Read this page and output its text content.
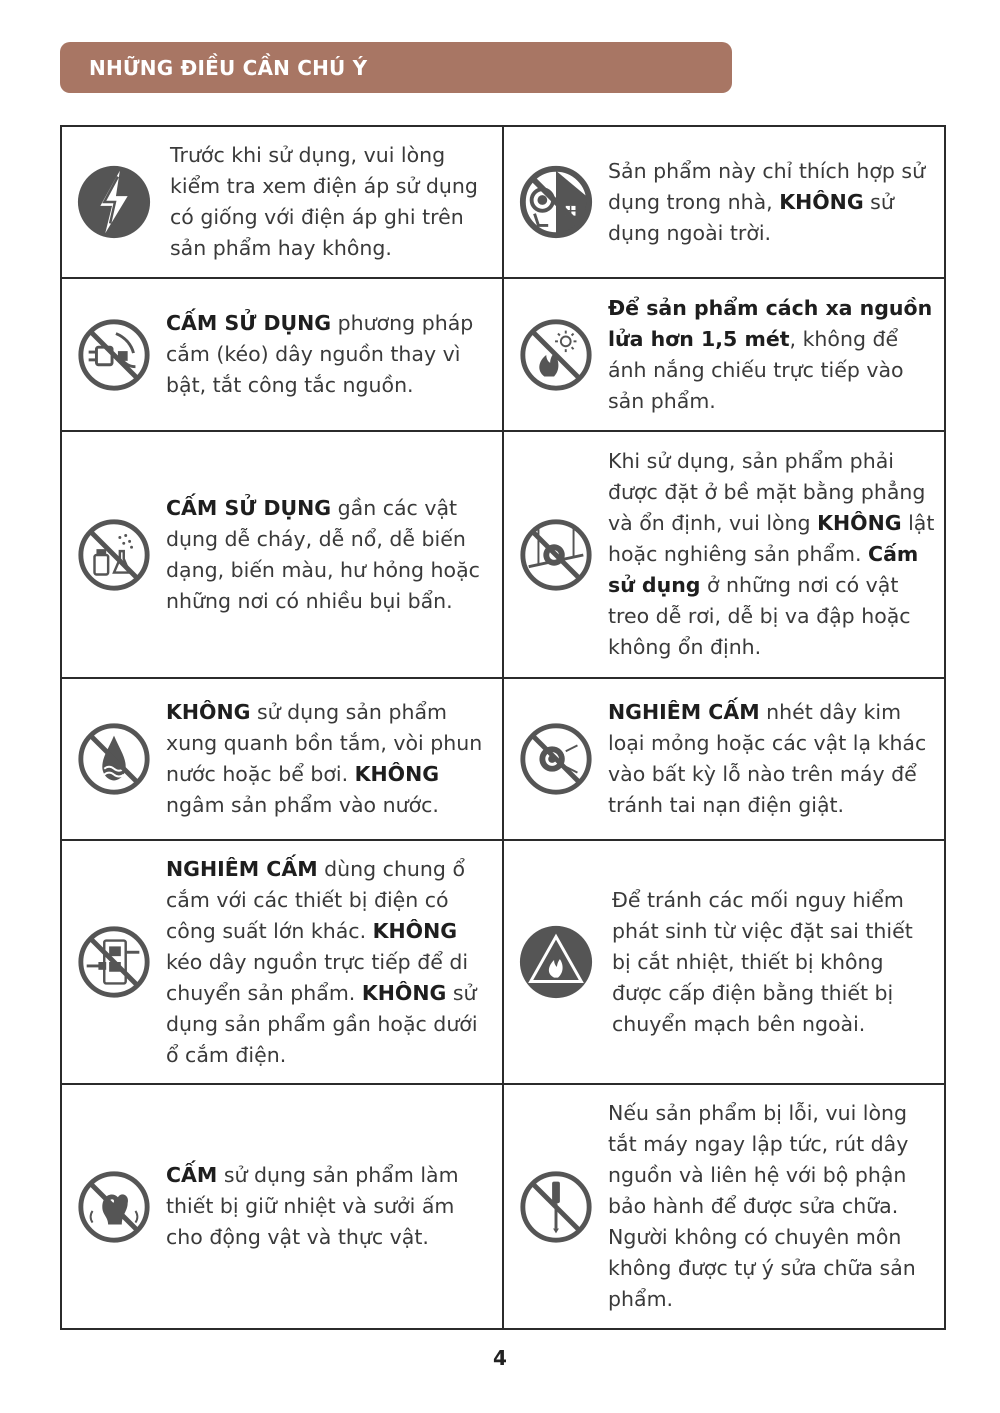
NHỮNG ĐIỀU CẦN CHÚ Ý
Trước khi sử dụng, vui lòng kiểm tra xem điện áp sử dụng có giống với điện áp ghi trên sản phẩm hay không.	Sản phẩm này chỉ thích hợp sử dụng trong nhà, KHÔNG sử dụng ngoài trời.

CẤM SỬ DỤNG phương pháp cắm (kéo) dây nguồn thay vì bật, tắt công tắc nguồn.	Để sản phẩm cách xa nguồn lửa hơn 1,5 mét, không để ánh nắng chiếu trực tiếp vào sản phẩm.

CẤM SỬ DỤNG gần các vật dụng dễ cháy, dễ nổ, dễ biến dạng, biến màu, hư hỏng hoặc những nơi có nhiều bụi bẩn.	Khi sử dụng, sản phẩm phải được đặt ở bề mặt bằng phẳng và ổn định, vui lòng KHÔNG lật hoặc nghiêng sản phẩm. Cấm sử dụng ở những nơi có vật treo dễ rơi, dễ bị va đập hoặc không ổn định.

KHÔNG sử dụng sản phẩm xung quanh bồn tắm, vòi phun nước hoặc bể bơi. KHÔNG ngâm sản phẩm vào nước.	NGHIÊM CẤM nhét dây kim loại mỏng hoặc các vật lạ khác vào bất kỳ lỗ nào trên máy để tránh tai nạn điện giật.

NGHIÊM CẤM dùng chung ổ cắm với các thiết bị điện có công suất lớn khác. KHÔNG kéo dây nguồn trực tiếp để di chuyển sản phẩm. KHÔNG sử dụng sản phẩm gần hoặc dưới ổ cắm điện.	Để tránh các mối nguy hiểm phát sinh từ việc đặt sai thiết bị cắt nhiệt, thiết bị không được cấp điện bằng thiết bị chuyển mạch bên ngoài.

CẤM sử dụng sản phẩm làm thiết bị giữ nhiệt và sưởi ấm cho động vật và thực vật.	Nếu sản phẩm bị lỗi, vui lòng tắt máy ngay lập tức, rút dây nguồn và liên hệ với bộ phận bảo hành để được sửa chữa. Người không có chuyên môn không được tự ý sửa chữa sản phẩm.
4
